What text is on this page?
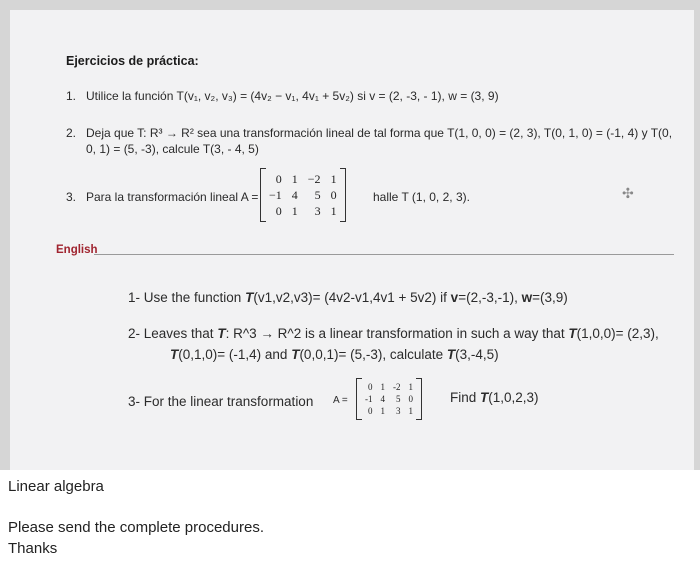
Ejercicios de práctica:
1. Utilice la función T(v₁, v₂, v₃) = (4v₂ − v₁, 4v₁ + 5v₂) si v = (2, -3, - 1), w = (3, 9)
2. Deja que T: R³ → R² sea una transformación lineal de tal forma que T(1, 0, 0) = (2, 3), T(0, 1, 0) = (-1, 4) y T(0,
0, 1) = (5, -3), calcule T(3, - 4, 5)
3. Para la transformación lineal A =
0 1 −2 1
−1 4	5 0
0 1	3 1
halle T (1, 0, 2, 3).	✣
English
1- Use the function T(v1,v2,v3)= (4v2-v1,4v1 + 5v2) if v=(2,-3,-1), w=(3,9)
2- Leaves that T: R^3 → R^2 is a linear transformation in such a way that T(1,0,0)= (2,3),
T(0,1,0)= (-1,4) and T(0,0,1)= (5,-3), calculate T(3,-4,5)
3- For the linear transformation A =
0 1 -2 1
-1 4	5 0
0 1	3 1
Find T(1,0,2,3)
Linear algebra
Please send the complete procedures.
Thanks
